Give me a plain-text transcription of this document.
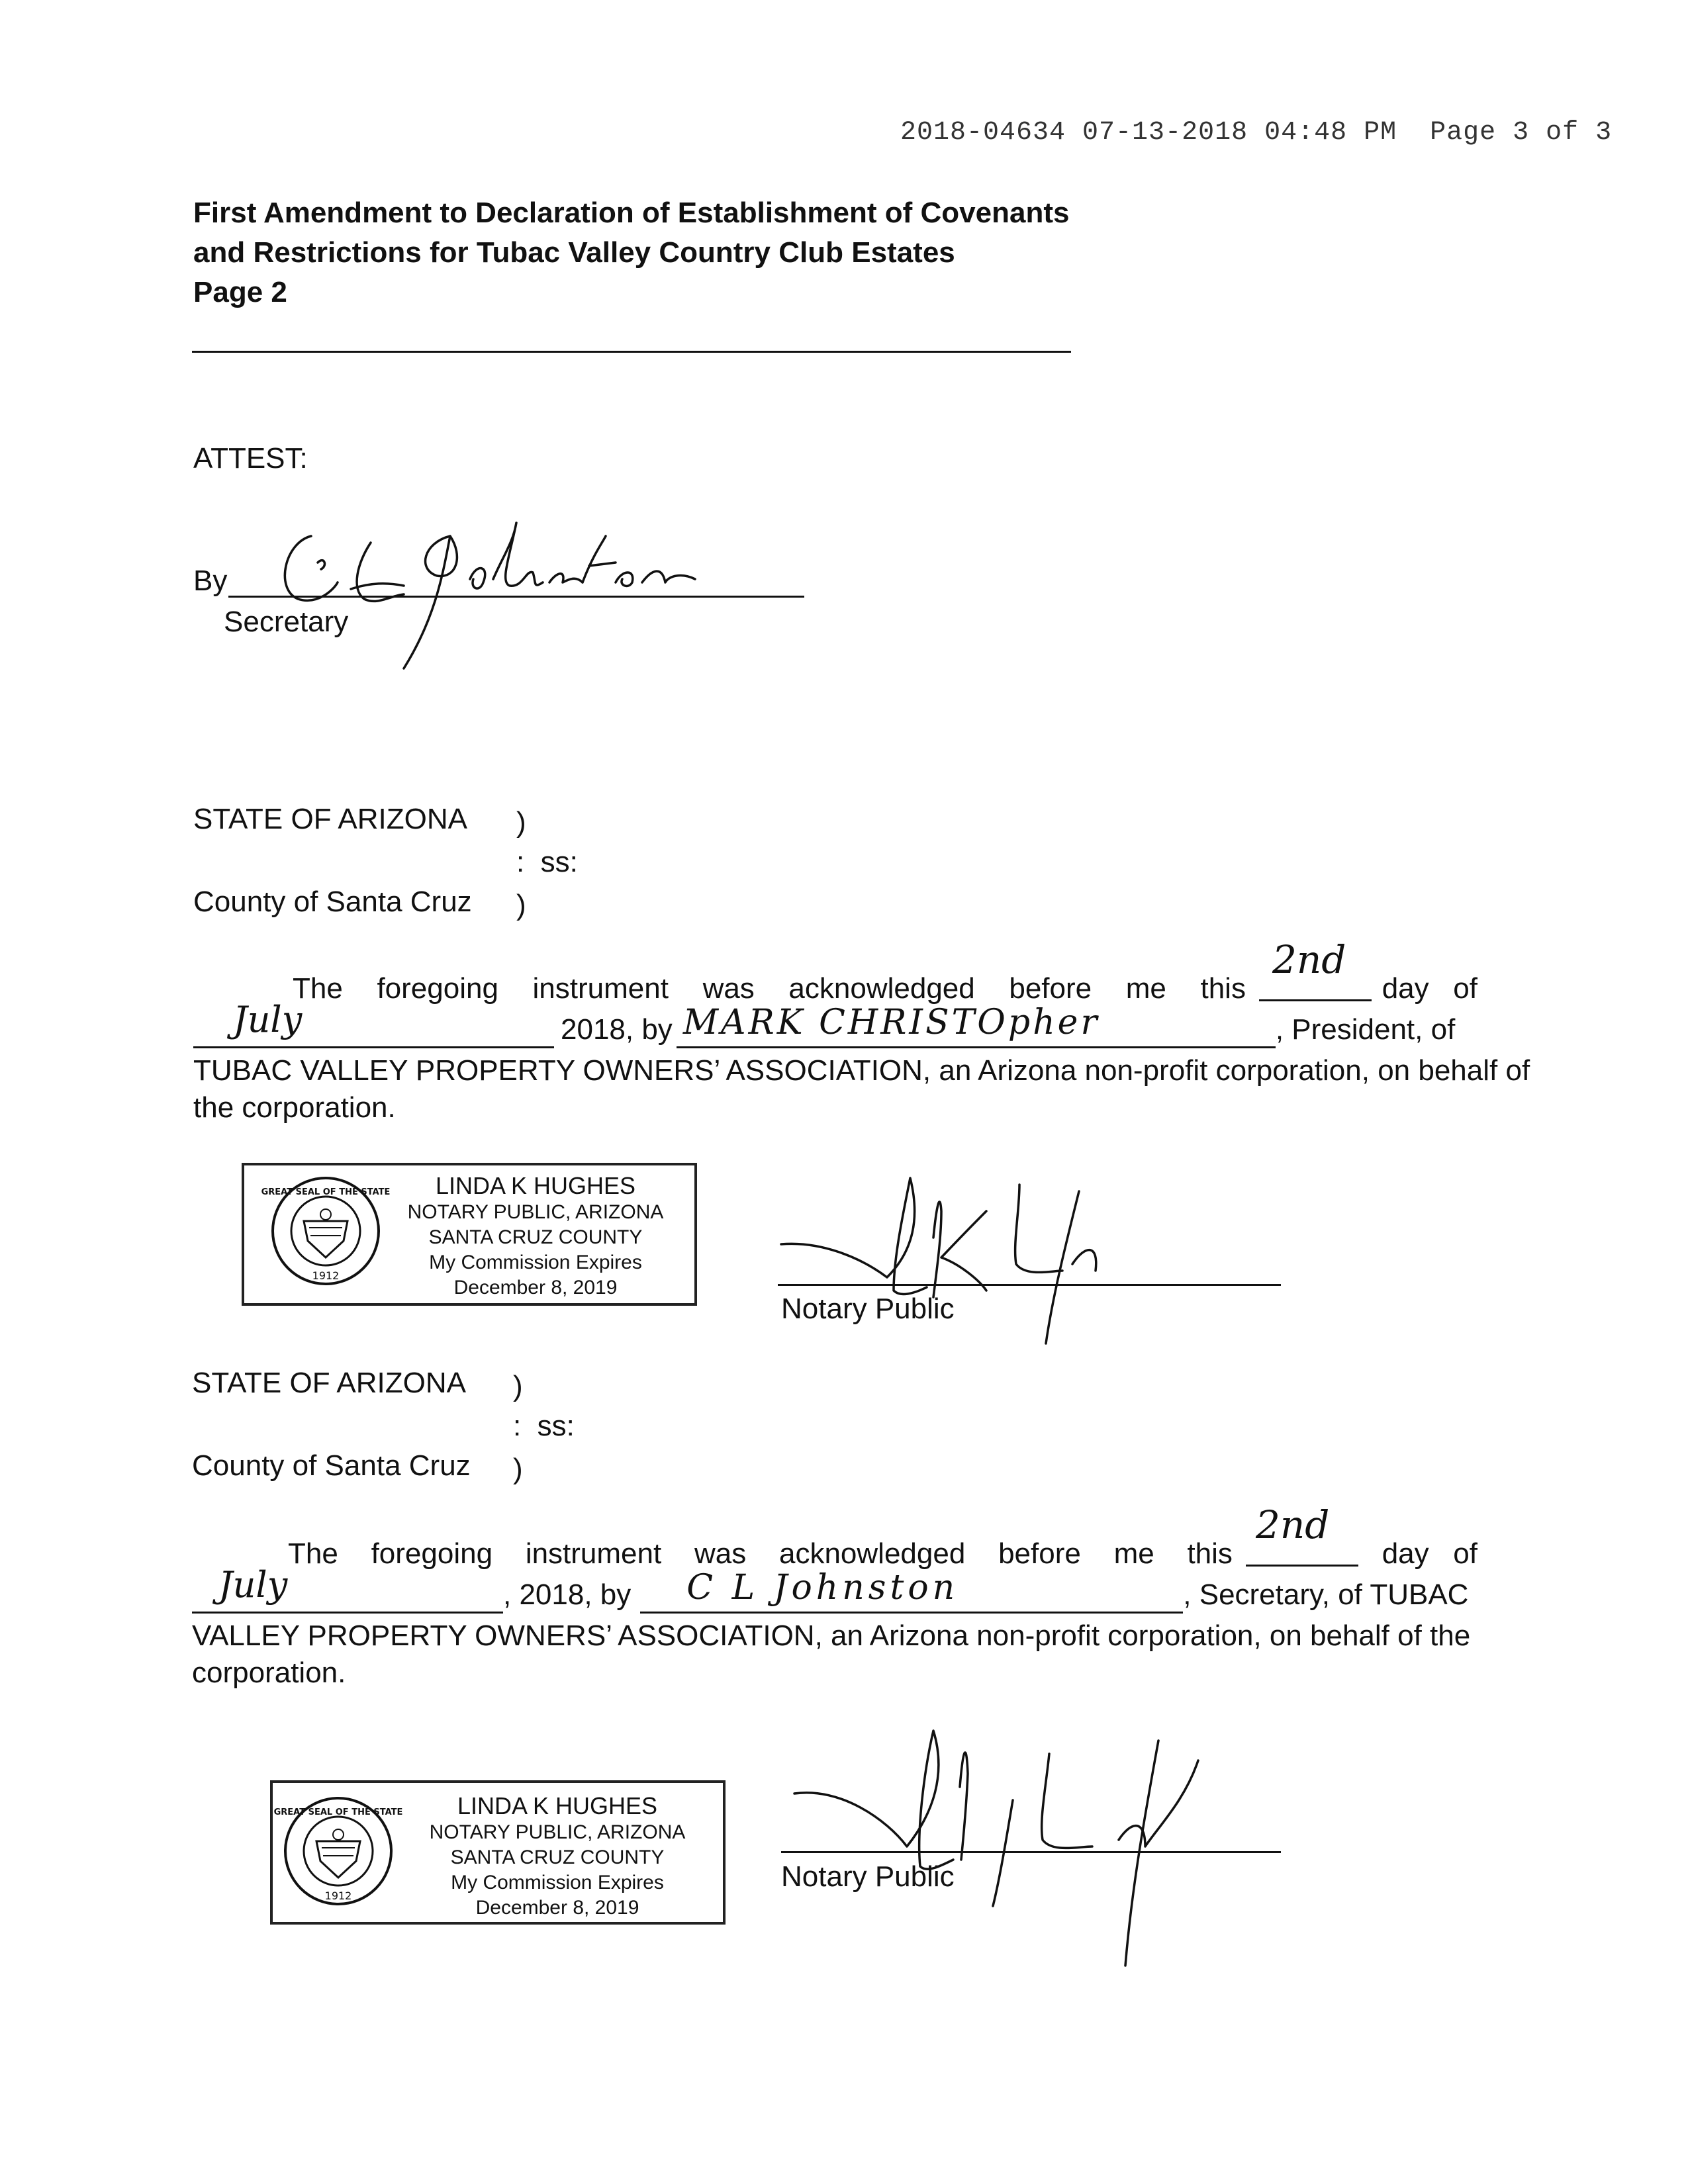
2018-04634 07-13-2018 04:48 PM  Page 3 of 3
First Amendment to Declaration of Establishment of Covenants
and Restrictions for Tubac Valley Country Club Estates
Page 2
ATTEST:
By
Secretary
STATE OF ARIZONA )
:  ss:
County of Santa Cruz )
The foregoing instrument was acknowledged before me this
2nd
day   of
July	2018, by MARK CHRISTOpher	, President, of
TUBAC VALLEY PROPERTY OWNERS’ ASSOCIATION, an Arizona non-profit corporation, on behalf of
the corporation.
1912
GREAT SEAL OF THE STATE	LINDA K HUGHES
NOTARY PUBLIC, ARIZONA
SANTA CRUZ COUNTY
My Commission Expires
December 8, 2019
Notary Public
STATE OF ARIZONA )
:  ss:
County of Santa Cruz )
The foregoing instrument was acknowledged before me this
2nd
day   of
July	, 2018, by C L Johnston	, Secretary, of TUBAC
VALLEY PROPERTY OWNERS’ ASSOCIATION, an Arizona non-profit corporation, on behalf of the
corporation.
1912
GREAT SEAL OF THE STATE	LINDA K HUGHES
NOTARY PUBLIC, ARIZONA
SANTA CRUZ COUNTY
My Commission Expires
December 8, 2019
Notary Public
